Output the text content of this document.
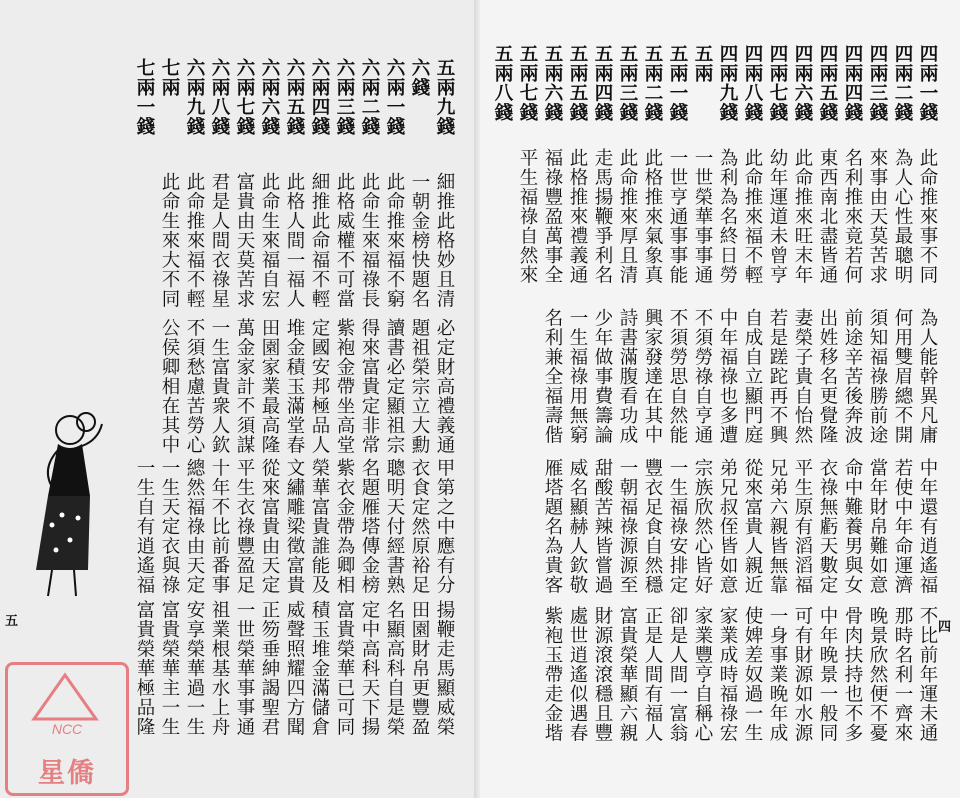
五兩九錢
六錢
六兩一錢
六兩二錢
六兩三錢
六兩四錢
六兩五錢
六兩六錢
六兩七錢
六兩八錢
六兩九錢
七兩
七兩一錢
細推此格妙且清
一朝金榜快題名
此命推來福不窮
此命生來福祿長
此格威權不可當
細推此命福不輕
此格人間一福人
此命生來福自宏
富貴由天莫苦求
君是人間衣祿星
此命推來福不輕
此命生來大不同
必定財高禮義通
題祖榮宗立大勳
讀書必定顯祖宗
得來富貴定非常
紫袍金帶坐高堂
定國安邦極品人
堆金積玉滿堂春
田園家業最高隆
萬金家計不須謀
一生富貴衆人欽
不須愁慮苦勞心
公侯卿相在其中
甲第之中應有分
衣食定然原裕足
聰明天付經書熟
名題雁塔傳金榜
紫衣金帶為卿相
榮華富貴誰能及
文繡雕梁徵富貴
從來富貴由天定
平生衣祿豐盈足
十年不比前番事
總然福祿由天定
一生天定衣與祿
一生自有逍遙福
揚鞭走馬顯威榮
田園財帛更豐盈
名顯高科自是榮
定中高科天下揚
富貴榮華已可同
積玉堆金滿儲倉
威聲照耀四方聞
正笏垂紳謁聖君
一世榮華事事通
祖業根基水上舟
安享榮華過一生
富貴榮華主一生
富貴榮華極品隆
五
NCC
星僑
四兩一錢
四兩二錢
四兩三錢
四兩四錢
四兩五錢
四兩六錢
四兩七錢
四兩八錢
四兩九錢
五兩
五兩一錢
五兩二錢
五兩三錢
五兩四錢
五兩五錢
五兩六錢
五兩七錢
五兩八錢
此命推來事不同
為人心性最聰明
來事由天莫苦求
名利推來竟若何
東西南北盡皆通
此命推來旺末年
幼年運道未曾亨
此命推來福不輕
為利為名終日勞
一世榮華事事通
一世亨通事事能
此格推來氣象真
此命推來厚且清
走馬揚鞭爭利名
此格推來禮義通
福祿豐盈萬事全
平生福祿自然來
為人能幹異凡庸
何用雙眉總不開
須知福祿勝前途
前途辛苦後奔波
出姓移名更覺隆
妻榮子貴自怡然
若是蹉跎再不興
自成自立顯門庭
中年福祿也多遭
不須勞祿自亨通
不須勞思自然能
興家發達在其中
詩書滿腹看功成
少年做事費籌論
一生福祿用無窮
名利兼全福壽偕
中年還有逍遙福
若使中年命運濟
當年財帛難如意
命中難養男與女
衣祿無虧天數定
平生原有滔滔福
兄弟六親皆無靠
從來富貴人親近
弟兄叔侄皆如意
宗族欣然心皆好
一生福祿安排定
豐衣足食自然穩
一朝福祿源源至
甜酸苦辣皆嘗過
威名顯赫人欽敬
雁塔題名為貴客
不比前年運未通
那時名利一齊來
晚景欣然便不憂
骨肉扶持也不多
中年晚景一般同
可有財源如水源
一身事業晚年成
使婢差奴過一生
家業成時福祿宏
家業豐亨自稱心
卻是人間一富翁
正是人間有福人
富貴榮華顯六親
財源滾滾穩且豐
處世逍遙似遇春
紫袍玉帶走金堦	四
